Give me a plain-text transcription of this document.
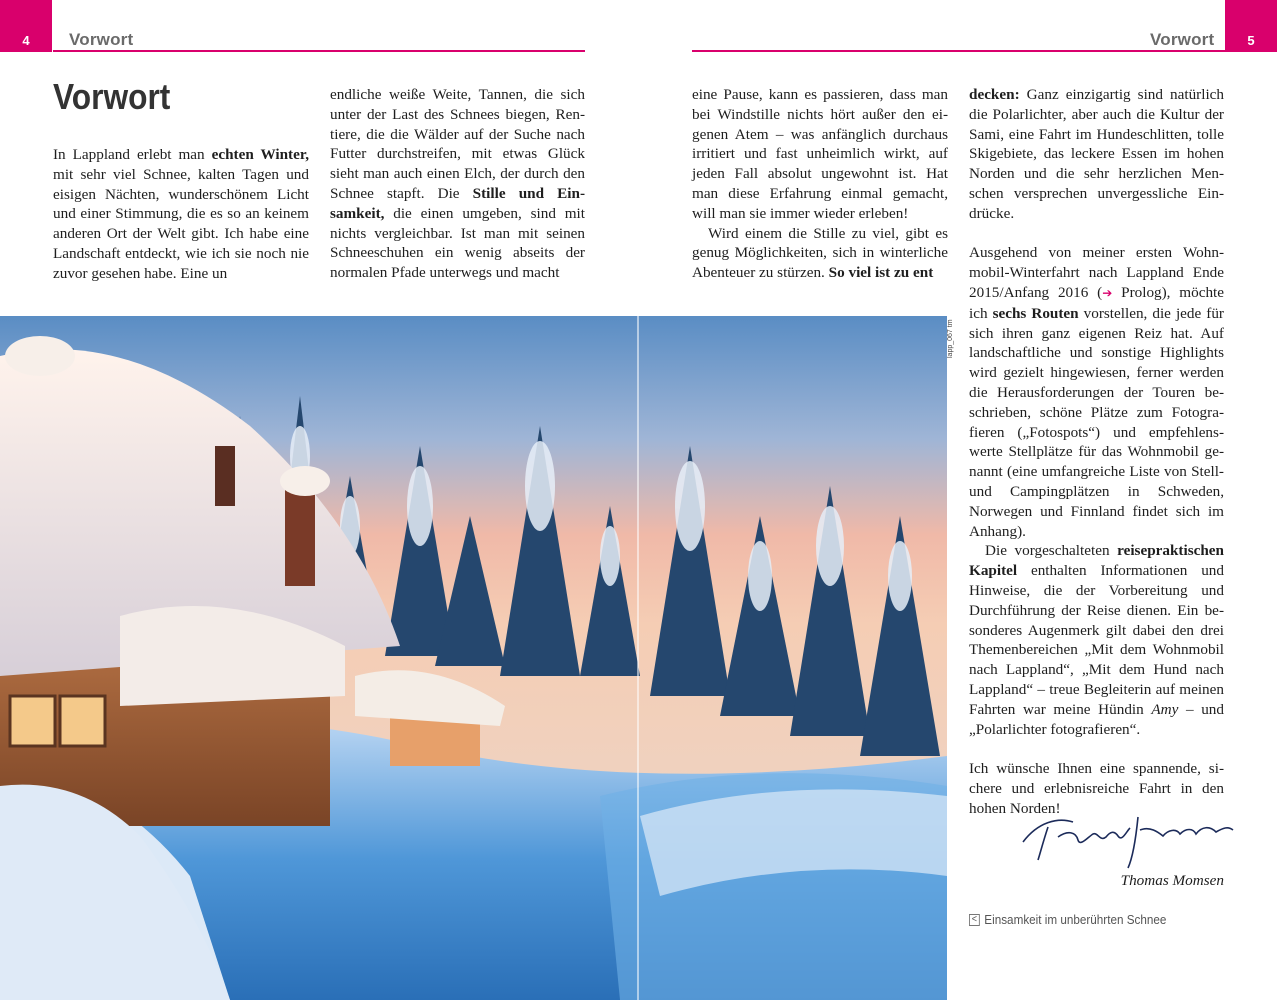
4 Vorwort	5
Vorwort
Vorwort

In Lappland erlebt man echten Winter, mit sehr viel Schnee, kalten Tagen und eisigen Nächten, wunderschönem Licht und einer Stimmung, die es so an keinem anderen Ort der Welt gibt. Ich habe eine Landschaft entdeckt, wie ich sie noch nie zuvor gesehen habe. Eine un

endliche weiße Weite, Tannen, die sich unter der Last des Schnees biegen, Rentiere, die die Wälder auf der Suche nach Futter durchstreifen, mit etwas Glück sieht man auch einen Elch, der durch den Schnee stapft. Die Stille und Einsamkeit, die einen umgeben, sind mit nichts vergleichbar. Ist man mit seinen Schneeschuhen ein wenig abseits der normalen Pfade unterwegs und macht

eine Pause, kann es passieren, dass man bei Windstille nichts hört außer den eigenen Atem – was anfänglich durchaus irritiert und fast unheimlich wirkt, auf jeden Fall absolut ungewohnt ist. Hat man diese Erfahrung einmal gemacht, will man sie immer wieder erleben!

Wird einem die Stille zu viel, gibt es genug Möglichkeiten, sich in winterliche Abenteuer zu stürzen. So viel ist zu ent

decken: Ganz einzigartig sind natürlich die Polarlichter, aber auch die Kultur der Sami, eine Fahrt im Hundeschlitten, tolle Skigebiete, das leckere Essen im hohen Norden und die sehr herzlichen Menschen versprechen unvergessliche Eindrücke.

Ausgehend von meiner ersten Wohnmobil-Winterfahrt nach Lappland Ende 2015/Anfang 2016 (➔ Prolog), möchte ich sechs Routen vorstellen, die jede für sich ihren ganz eigenen Reiz hat. Auf landschaftliche und sonstige Highlights wird gezielt hingewiesen, ferner werden die Herausforderungen der Touren beschrieben, schöne Plätze zum Fotografieren („Fotospots“) und empfehlenswerte Stellplätze für das Wohnmobil genannt (eine umfangreiche Liste von Stell- und Campingplätzen in Schweden, Norwegen und Finnland findet sich im Anhang).

Die vorgeschalteten reisepraktischen Kapitel enthalten Informationen und Hinweise, die der Vorbereitung und Durchführung der Reise dienen. Ein besonderes Augenmerk gilt dabei den drei Themenbereichen „Mit dem Wohnmobil nach Lappland“, „Mit dem Hund nach Lappland“ – treue Begleiterin auf meinen Fahrten war meine Hündin Amy – und „Polarlichter fotografieren“.

Ich wünsche Ihnen eine spannende, sichere und erlebnisreiche Fahrt in den hohen Norden!

lapp_067 tm
Thomas Momsen
< Einsamkeit im unberührten Schnee
